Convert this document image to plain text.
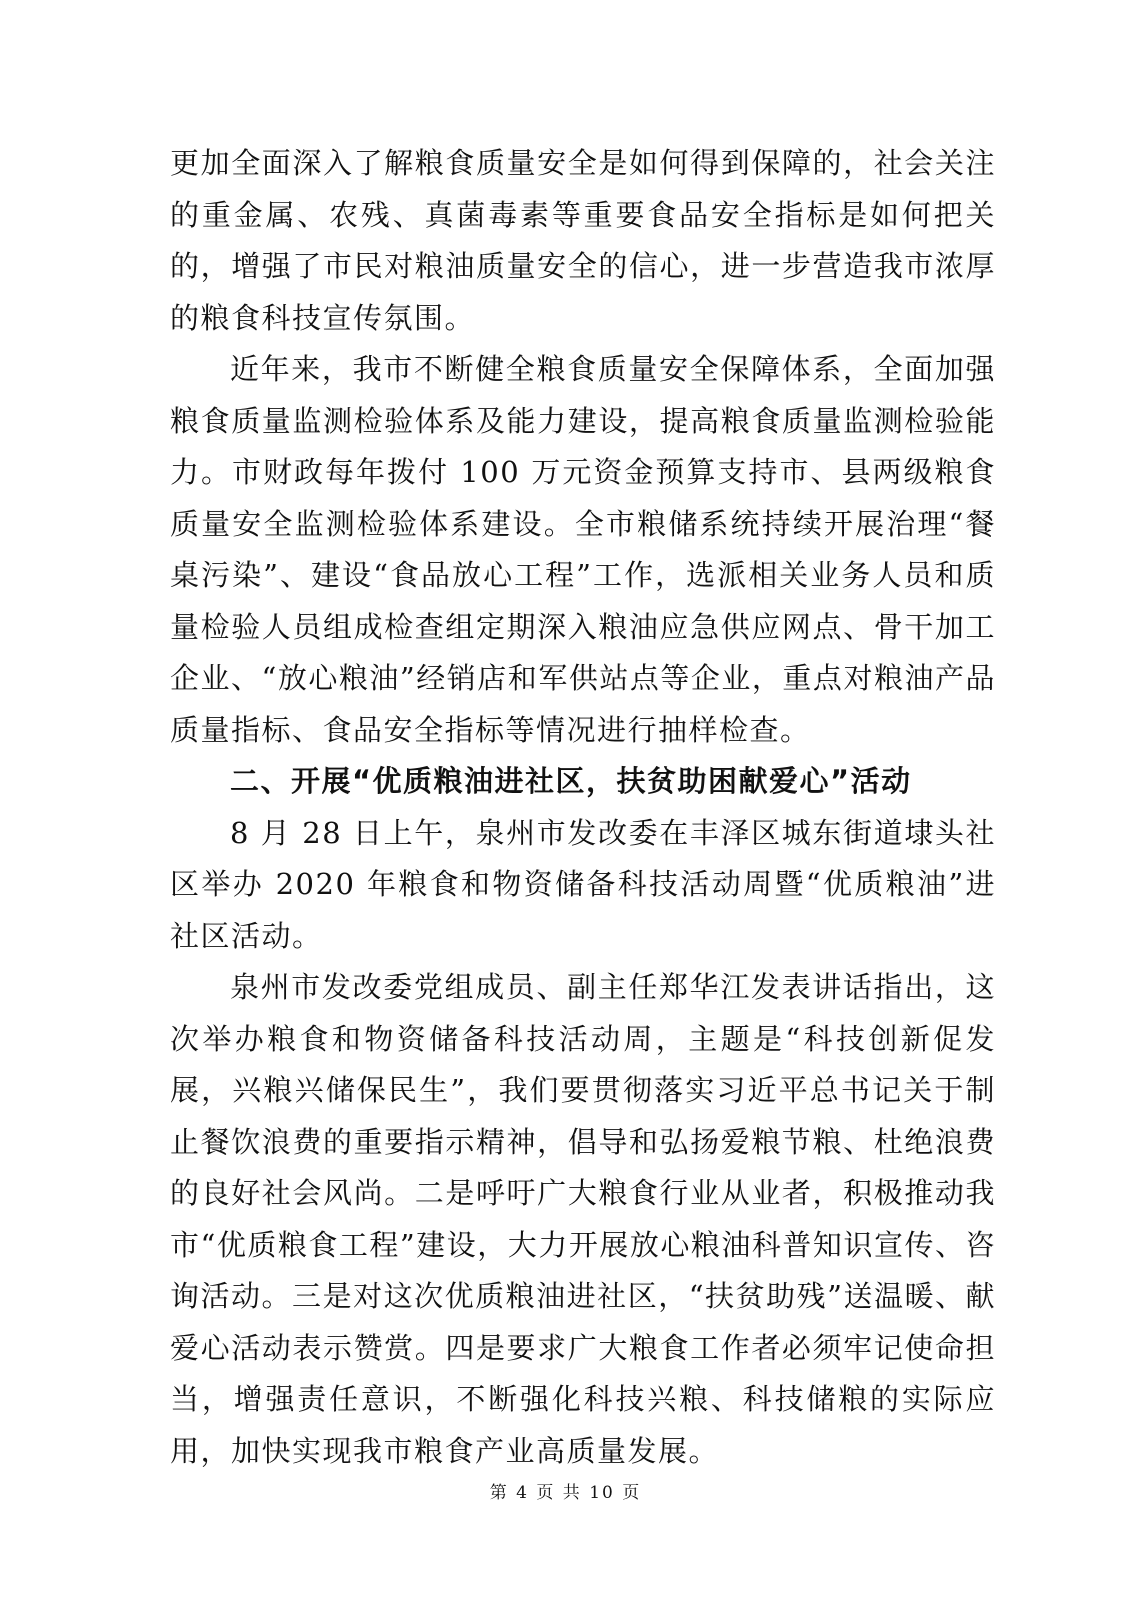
更加全面深入了解粮食质量安全是如何得到保障的，社会关注的重金属、农残、真菌毒素等重要食品安全指标是如何把关的，增强了市民对粮油质量安全的信心，进一步营造我市浓厚的粮食科技宣传氛围。

近年来，我市不断健全粮食质量安全保障体系，全面加强粮食质量监测检验体系及能力建设，提高粮食质量监测检验能力。市财政每年拨付 100 万元资金预算支持市、县两级粮食质量安全监测检验体系建设。全市粮储系统持续开展治理“餐桌污染”、建设“食品放心工程”工作，选派相关业务人员和质量检验人员组成检查组定期深入粮油应急供应网点、骨干加工企业、“放心粮油”经销店和军供站点等企业，重点对粮油产品质量指标、食品安全指标等情况进行抽样检查。

二、开展“优质粮油进社区，扶贫助困献爱心”活动

8 月 28 日上午，泉州市发改委在丰泽区城东街道埭头社区举办 2020 年粮食和物资储备科技活动周暨“优质粮油”进社区活动。

泉州市发改委党组成员、副主任郑华江发表讲话指出，这次举办粮食和物资储备科技活动周，主题是“科技创新促发展，兴粮兴储保民生”，我们要贯彻落实习近平总书记关于制止餐饮浪费的重要指示精神，倡导和弘扬爱粮节粮、杜绝浪费的良好社会风尚。二是呼吁广大粮食行业从业者，积极推动我市“优质粮食工程”建设，大力开展放心粮油科普知识宣传、咨询活动。三是对这次优质粮油进社区，“扶贫助残”送温暖、献爱心活动表示赞赏。四是要求广大粮食工作者必须牢记使命担当，增强责任意识，不断强化科技兴粮、科技储粮的实际应用，加快实现我市粮食产业高质量发展。

第 4 页 共 10 页
